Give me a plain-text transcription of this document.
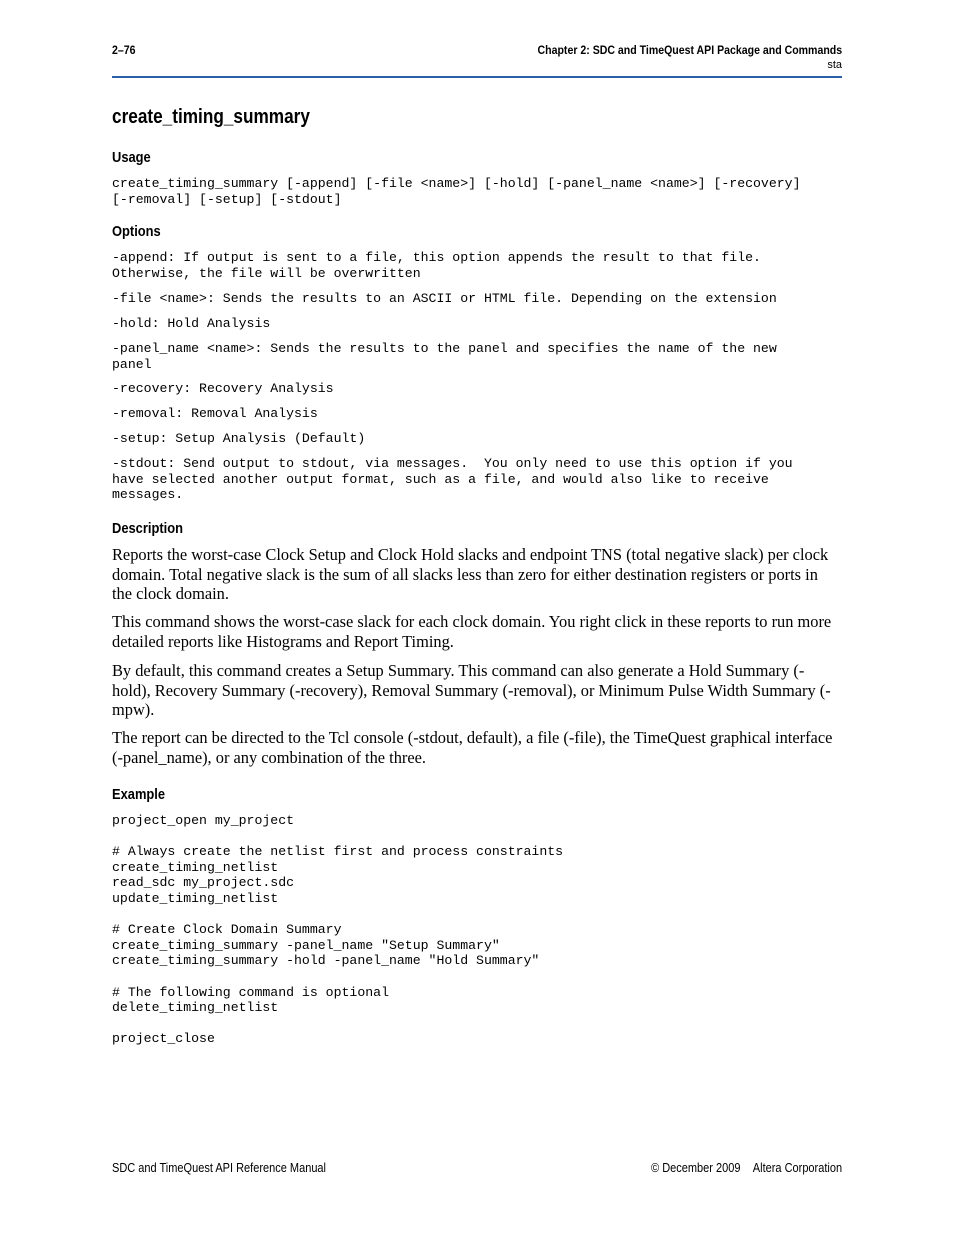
2–76	Chapter 2: SDC and TimeQuest API Package and Commands
sta
create_timing_summary
Usage
create_timing_summary [-append] [-file <name>] [-hold] [-panel_name <name>] [-recovery]
[-removal] [-setup] [-stdout]
Options
-append: If output is sent to a file, this option appends the result to that file.
Otherwise, the file will be overwritten
-file <name>: Sends the results to an ASCII or HTML file. Depending on the extension
-hold: Hold Analysis
-panel_name <name>: Sends the results to the panel and specifies the name of the new
panel
-recovery: Recovery Analysis
-removal: Removal Analysis
-setup: Setup Analysis (Default)
-stdout: Send output to stdout, via messages.  You only need to use this option if you
have selected another output format, such as a file, and would also like to receive
messages.
Description

Reports the worst-case Clock Setup and Clock Hold slacks and endpoint TNS (total negative slack) per clock domain. Total negative slack is the sum of all slacks less than zero for either destination registers or ports in the clock domain.

This command shows the worst-case slack for each clock domain. You right click in these reports to run more detailed reports like Histograms and Report Timing.

By default, this command creates a Setup Summary. This command can also generate a Hold Summary (-hold), Recovery Summary (-recovery), Removal Summary (-removal), or Minimum Pulse Width Summary (-mpw).

The report can be directed to the Tcl console (-stdout, default), a file (-file), the TimeQuest graphical interface (-panel_name), or any combination of the three.

Example
project_open my_project

# Always create the netlist first and process constraints
create_timing_netlist
read_sdc my_project.sdc
update_timing_netlist

# Create Clock Domain Summary
create_timing_summary -panel_name "Setup Summary"
create_timing_summary -hold -panel_name "Hold Summary"

# The following command is optional
delete_timing_netlist

project_close
SDC and TimeQuest API Reference Manual	© December 2009 Altera Corporation
